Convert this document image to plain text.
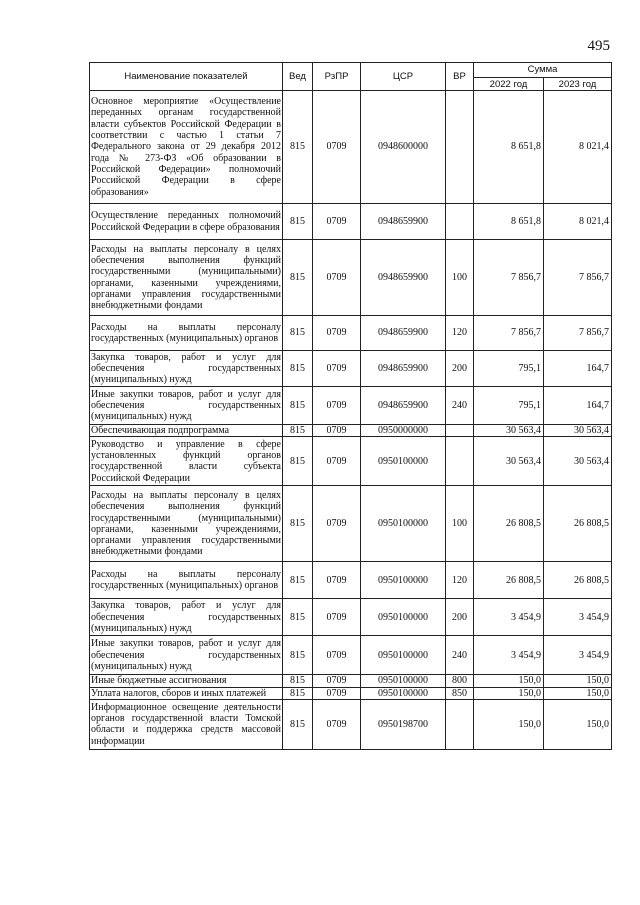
495
Наименование показателей	Вед	РзПР	ЦСР	ВР	Сумма	
					2022 год	2023 год
Основное мероприятие «Осуществление переданных органам государственной власти субъектов Российской Федерации в соответствии с частью 1 статьи 7 Федерального закона от 29 декабря 2012 года № 273-ФЗ «Об образовании в Российской Федерации» полномочий Российской Федерации в сфере образования»	815	0709	0948600000		8 651,8	8 021,4
Осуществление переданных полномочий Российской Федерации в сфере образования	815	0709	0948659900		8 651,8	8 021,4
Расходы на выплаты персоналу в целях обеспечения выполнения функций государственными (муниципальными) органами, казенными учреждениями, органами управления государственными внебюджетными фондами	815	0709	0948659900	100	7 856,7	7 856,7
Расходы на выплаты персоналу государственных (муниципальных) органов	815	0709	0948659900	120	7 856,7	7 856,7
Закупка товаров, работ и услуг для обеспечения государственных (муниципальных) нужд	815	0709	0948659900	200	795,1	164,7
Иные закупки товаров, работ и услуг для обеспечения государственных (муниципальных) нужд	815	0709	0948659900	240	795,1	164,7
Обеспечивающая подпрограмма	815	0709	0950000000		30 563,4	30 563,4
Руководство и управление в сфере установленных функций органов государственной власти субъекта Российской Федерации	815	0709	0950100000		30 563,4	30 563,4
Расходы на выплаты персоналу в целях обеспечения выполнения функций государственными (муниципальными) органами, казенными учреждениями, органами управления государственными внебюджетными фондами	815	0709	0950100000	100	26 808,5	26 808,5
Расходы на выплаты персоналу государственных (муниципальных) органов	815	0709	0950100000	120	26 808,5	26 808,5
Закупка товаров, работ и услуг для обеспечения государственных (муниципальных) нужд	815	0709	0950100000	200	3 454,9	3 454,9
Иные закупки товаров, работ и услуг для обеспечения государственных (муниципальных) нужд	815	0709	0950100000	240	3 454,9	3 454,9
Иные бюджетные ассигнования	815	0709	0950100000	800	150,0	150,0
Уплата налогов, сборов и иных платежей	815	0709	0950100000	850	150,0	150,0
Информационное освещение деятельности органов государственной власти Томской области и поддержка средств массовой информации	815	0709	0950198700		150,0	150,0
